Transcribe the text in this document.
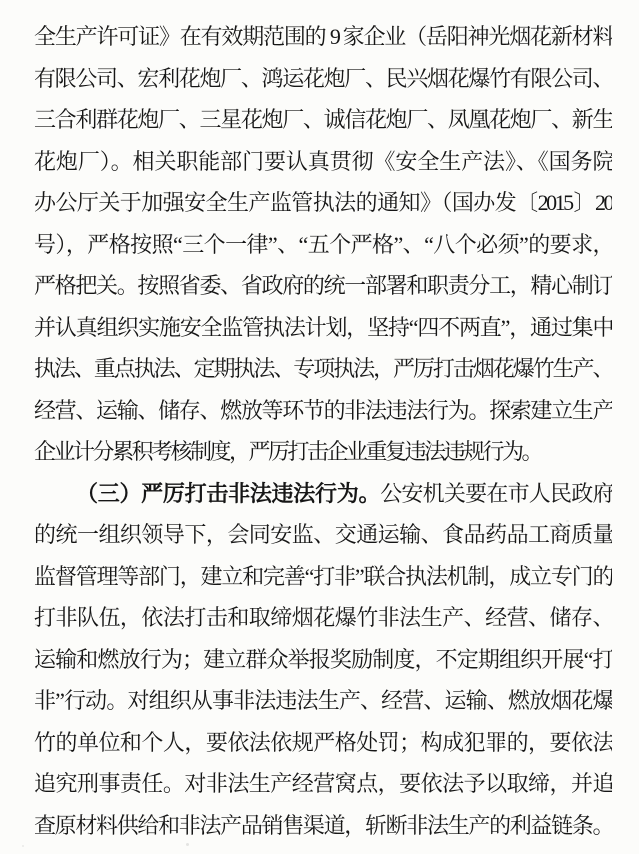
全生产许可证》在有效期范围的 9 家企业（岳阳神光烟花新材料

有限公司、宏利花炮厂、鸿运花炮厂、民兴烟花爆竹有限公司、

三合利群花炮厂、三星花炮厂、诚信花炮厂、凤凰花炮厂、新生

花炮厂）。相关职能部门要认真贯彻《安全生产法》、《国务院

办公厅关于加强安全生产监管执法的通知》（国办发〔2015〕20

号），严格按照“三个一律”、“五个严格”、“八个必须”的要求，

严格把关。按照省委、省政府的统一部署和职责分工，精心制订

并认真组织实施安全监管执法计划，坚持“四不两直”，通过集中

执法、重点执法、定期执法、专项执法，严厉打击烟花爆竹生产、

经营、运输、储存、燃放等环节的非法违法行为。探索建立生产

企业计分累积考核制度，严厉打击企业重复违法违规行为。

（三）严厉打击非法违法行为。公安机关要在市人民政府

的统一组织领导下，会同安监、交通运输、食品药品工商质量

监督管理等部门，建立和完善“打非”联合执法机制，成立专门的

打非队伍，依法打击和取缔烟花爆竹非法生产、经营、储存、

运输和燃放行为；建立群众举报奖励制度，不定期组织开展“打

非”行动。对组织从事非法违法生产、经营、运输、燃放烟花爆

竹的单位和个人，要依法依规严格处罚；构成犯罪的，要依法

追究刑事责任。对非法生产经营窝点，要依法予以取缔，并追

查原材料供给和非法产品销售渠道，斩断非法生产的利益链条。
